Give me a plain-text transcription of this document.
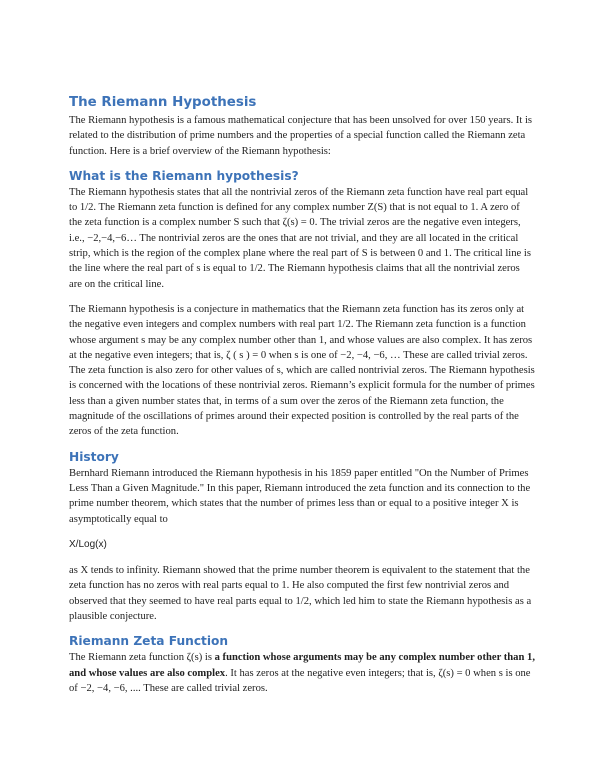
The Riemann Hypothesis

The Riemann hypothesis is a famous mathematical conjecture that has been unsolved for over 150 years. It is related to the distribution of prime numbers and the properties of a special function called the Riemann zeta function. Here is a brief overview of the Riemann hypothesis:

What is the Riemann hypothesis?

The Riemann hypothesis states that all the nontrivial zeros of the Riemann zeta function have real part equal to 1/2. The Riemann zeta function is defined for any complex number Z(S) that is not equal to 1. A zero of the zeta function is a complex number S such that ζ(s) = 0. The trivial zeros are the negative even integers, i.e., −2,−4,−6… The nontrivial zeros are the ones that are not trivial, and they are all located in the critical strip, which is the region of the complex plane where the real part of S is between 0 and 1. The critical line is the line where the real part of s is equal to 1/2. The Riemann hypothesis claims that all the nontrivial zeros are on the critical line.

The Riemann hypothesis is a conjecture in mathematics that the Riemann zeta function has its zeros only at the negative even integers and complex numbers with real part 1/2. The Riemann zeta function is a function whose argument s may be any complex number other than 1, and whose values are also complex. It has zeros at the negative even integers; that is, ζ ( s ) = 0 when s is one of −2, −4, −6, … These are called trivial zeros. The zeta function is also zero for other values of s, which are called nontrivial zeros. The Riemann hypothesis is concerned with the locations of these nontrivial zeros. Riemann’s explicit formula for the number of primes less than a given number states that, in terms of a sum over the zeros of the Riemann zeta function, the magnitude of the oscillations of primes around their expected position is controlled by the real parts of the zeros of the zeta function.

History

Bernhard Riemann introduced the Riemann hypothesis in his 1859 paper entitled "On the Number of Primes Less Than a Given Magnitude." In this paper, Riemann introduced the zeta function and its connection to the prime number theorem, which states that the number of primes less than or equal to a positive integer X is asymptotically equal to

X/Log(x)

as X tends to infinity. Riemann showed that the prime number theorem is equivalent to the statement that the zeta function has no zeros with real parts equal to 1. He also computed the first few nontrivial zeros and observed that they seemed to have real parts equal to 1/2, which led him to state the Riemann hypothesis as a plausible conjecture.

Riemann Zeta Function

The Riemann zeta function ζ(s) is a function whose arguments may be any complex number other than 1, and whose values are also complex. It has zeros at the negative even integers; that is, ζ(s) = 0 when s is one of −2, −4, −6, .... These are called trivial zeros.
